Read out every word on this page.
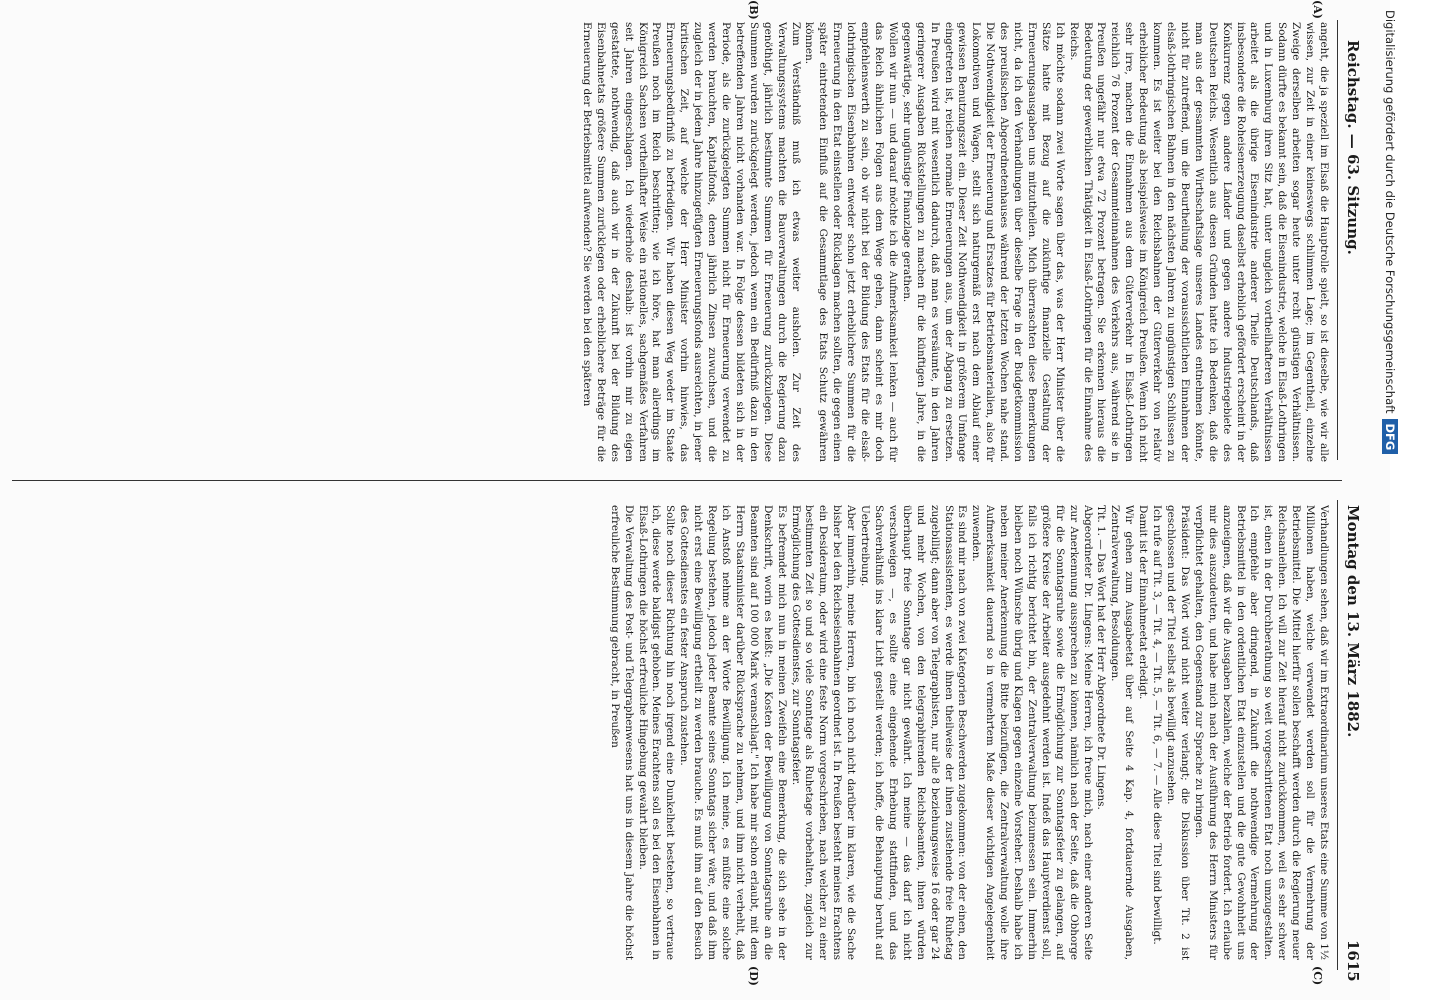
Reichstag. — 63. Sitzung.
Montag den 13. März 1882.
1615
(A)
(B)
(C)
(D)
angeht, die ja speziell im Elsaß die Hauptrolle spielt, so ist dieselbe, wie wir alle wissen, zur Zeit in einer keineswegs schlimmen Lage; im Gegentheil, einzelne Zweige derselben arbeiten sogar heute unter recht günstigen Verhältnissen. Sodann dürfte es bekannt sein, daß die Eisenindustrie, welche in Elsaß-Lothringen und in Luxemburg ihren Sitz hat, unter ungleich vortheilhafteren Verhältnissen arbeitet als die übrige Eisenindustrie anderer Theile Deutschlands, daß insbesondere die Roheisenerzeugung daselbst erheblich gefördert erscheint in der Konkurrenz gegen andere Länder und gegen andere Industriegebiete des Deutschen Reichs. Wesentlich aus diesen Gründen hatte ich Bedenken, daß die man aus der gesammten Wirthschaftslage unseres Landes entnehmen könnte, nicht für zutreffend, um die Beurtheilung der voraussichtlichen Einnahmen der elsaß-lothringischen Bahnen in den nächsten Jahren zu ungünstigen Schlüssen zu kommen. Es ist weiter bei den Reichsbahnen der Güterverkehr von relativ erheblicher Bedeutung als beispielsweise im Königreich Preußen. Wenn ich nicht sehr irre, machen die Einnahmen aus dem Güterverkehr in Elsaß-Lothringen reichlich 76 Prozent der Gesammteinnahmen des Verkehrs aus, während sie in Preußen ungefähr nur etwa 72 Prozent betragen. Sie erkennen hieraus die Bedeutung der gewerblichen Thätigkeit in Elsaß-Lothringen für die Einnahme des Reichs.
Ich möchte sodann zwei Worte sagen über das, was der Herr Minister über die Sätze hatte mit Bezug auf die zukünftige finanzielle Gestaltung der Erneuerungsausgaben uns mitzutheilen. Mich überraschten diese Bemerkungen nicht, da ich den Verhandlungen über dieselbe Frage in der Budgetkommission des preußischen Abgeordnetenhauses während der letzten Wochen nahe stand. Die Nothwendigkeit der Erneuerung und Ersatzes für Betriebsmaterialien, also für Lokomotiven und Wagen, stellt sich naturgemäß erst nach dem Ablauf einer gewissen Benutzungszeit ein. Dieser Zeit Nothwendigkeit in größerem Umfange eingetreten ist, reichen normale Erneuerungen aus, um der Abgang zu ersetzen. In Preußen wird mit wesentlich dadurch, daß man es versäumte, in den Jahren geringerer Ausgaben Rückstellungen zu machen für die künftigen Jahre, in die gegenwärtige, sehr ungünstige Finanzlage gerathen.
Wollen wir nun — und darauf möchte ich die Aufmerksamkeit lenken — auch für das Reich ähnlichen Folgen aus dem Wege gehen, dann scheint es mir doch empfehlenswerth zu sein, ob wir nicht bei der Bildung des Etats für die elsaß-lothringischen Eisenbahnen entweder schon jetzt erheblichere Summen für die Erneuerung in den Etat einstellen oder Rücklagen machen sollten, die gegen einen später eintretenden Einfluß auf die Gesammtlage des Etats Schutz gewähren können.
Zum Verständniß muß ich etwas weiter ausholen. Zur Zeit des Verwaltungssystems machten die Bauverwaltungen durch die Regierung dazu genöthigt, jährlich bestimmte Summen für Erneuerung zurückzulegen. Diese Summen wurden zurückgelegt werden, jedoch wenn ein Bedürfniß dazu in den betreffenden Jahren nicht vorhanden war. In Folge dessen bildeten sich in der Periode, als die zurückgelegten Summen nicht für Erneuerung verwendet zu werden brauchten, Kapitalfonds, denen jährlich Zinsen zuwuchsen, und die zugleich der in jedem Jahre hinzugefügten Erneuerungsfonds ausreichten, in jener kritischen Zeit, auf welche der Herr Minister vorhin hinwies, das Erneuerungsbedürfniß zu befriedigen. Wir haben diesen Weg weder im Staate Preußen noch im Reich beschritten; wie ich höre, hat man allerdings im Königreich Sachsen vortheilhafter Weise ein rationelles, sachgemäßes Verfahren seit Jahren eingeschlagen. Ich wiederhole deshalb: ist vorhin mir zu eigen gestattete, nothwendig, daß auch wir in der Zukunft bei der Bildung des Eisenbahnetats größere Summen zurücklegen oder erheblichere Beträge für die Erneuerung der Betriebsmittel aufwenden? Sie werden bei den späteren
Verhandlungen sehen, daß wir im Extraordinarium unseres Etats eine Summe von 1½ Millionen haben, welche verwendet werden soll für die Vermehrung der Betriebsmittel. Die Mittel hierfür sollen beschafft werden durch die Regierung neuer Reichsanleihen. Ich will zur Zeit hierauf nicht zurückkommen, weil es sehr schwer ist, einen in der Durchberathung so weit vorgeschrittenen Etat noch umzugestalten. Ich empfehle aber dringend, in Zukunft die nothwendige Vermehrung der Betriebsmittel in den ordentlichen Etat einzustellen und die gute Gewohnheit uns anzueignen, daß wir die Ausgaben bezahlen, welche der Betrieb fordert. Ich erlaube mir dies auszudeuten, und habe mich nach der Ausführung des Herrn Ministers für verpflichtet gehalten, den Gegenstand zur Sprache zu bringen.
Präsident: Das Wort wird nicht weiter verlangt; die Diskussion über Tit. 2 ist geschlossen und der Titel selbst als bewilligt anzusehen.
Ich rufe auf Tit. 3, — Tit. 4, — Tit. 5, — Tit. 6, — 7. — Alle diese Titel sind bewilligt.
Damit ist der Einnahmeetat erledigt.
Wir gehen zum Ausgabeetat über auf Seite 4 Kap. 4, fortdauernde Ausgaben, Zentralverwaltung, Besoldungen.
Tit. 1. — Das Wort hat der Herr Abgeordnete Dr. Lingens.
Abgeordneter Dr. Lingens: Meine Herren, ich freue mich, nach einer anderen Seite zur Anerkennung aussprechen zu können, nämlich nach der Seite, daß die Obhorge für die Sonntagsruhe sowie die Ermöglichung zur Sonntagsfeier zu gelangen, auf größere Kreise der Arbeiter ausgedehnt werden ist. Indeß das Hauptverdienst soll, falls ich richtig berichtet bin, der Zentralverwaltung beizumessen sein. Immerhin bleiben noch Wünsche übrig und Klagen gegen einzelne Vorsteher. Deshalb habe ich neben meiner Anerkennung die Bitte beizufügen, die Zentralverwaltung wolle ihre Aufmerksamkeit dauernd so in vermehrtem Maße dieser wichtigen Angelegenheit zuwenden.
Es sind mir nach von zwei Kategorien Beschwerden zugekommen: von der einen, den Stationsassistenten, es werde ihnen theilweise der ihnen zustehende freie Ruhetag zugebilligt; dann aber von Telegraphisten, nur alle 8 beziehungsweise 16 oder gar 24 und mehr Wochen, von den telegraphirenden Reichsbeamten, ihnen würden überhaupt freie Sonntage gar nicht gewährt. Ich meine — das darf ich nicht verschweigen —, es sollte eine eingehende Erhebung stattfinden, und das Sachverhältniß ins klare Licht gestellt werden; ich hoffe, die Behauptung beruht auf Uebertreibung.
Aber immerhin, meine Herren, bin ich noch nicht darüber im klaren, wie die Sache bisher bei den Reichseisenbahnen geordnet ist. In Preußen besteht meines Erachtens ein Desideratum, oder wird eine feste Norm vorgeschrieben, nach welcher zu einer bestimmten Zeit so und so viele Sonntage als Ruhetage vorbehalten, zugleich zur Ermöglichung des Gottesdienstes, zur Sonntagsfeier.
Es befremdet mich nun in meinen Zweifeln eine Bemerkung, die sich sehe in der Denkschrift, worin es heißt: „Die Kosten der Bewilligung von Sonntagsruhe an die Beamten sind auf 100 000 Mark veranschlagt." Ich habe mir schon erlaubt, mit dem Herrn Staatsminister darüber Rücksprache zu nehmen, und ihm nicht verhehlt, daß ich Anstoß nehme an der Worte Bewilligung. Ich meine, es müßte eine solche Regelung bestehen, jedoch jeder Beamte seines Sonntags sicher wäre, und daß ihm nicht erst eine Bewilligung ertheilt zu werden brauche. Es muß ihm auf den Besuch des Gottesdienstes ein fester Anspruch zustehen.
Sollte noch dieser Richtung hin noch irgend eine Dunkelheit bestehen, so vertraue ich, diese werde baldigst gehoben. Meines Erachtens soll es bei den Eisenbahnen in Elsaß-Lothringen die höchst erfreuliche Hingebung gewahrt bleiben.
Die Verwaltung des Post- und Telegraphenwesens hat uns in diesem Jahre die höchst erfreuliche Bestimmung gebracht, in Preußen
Digitalisierung gefördert durch die Deutsche ForschungsgemeinschaftDFG
